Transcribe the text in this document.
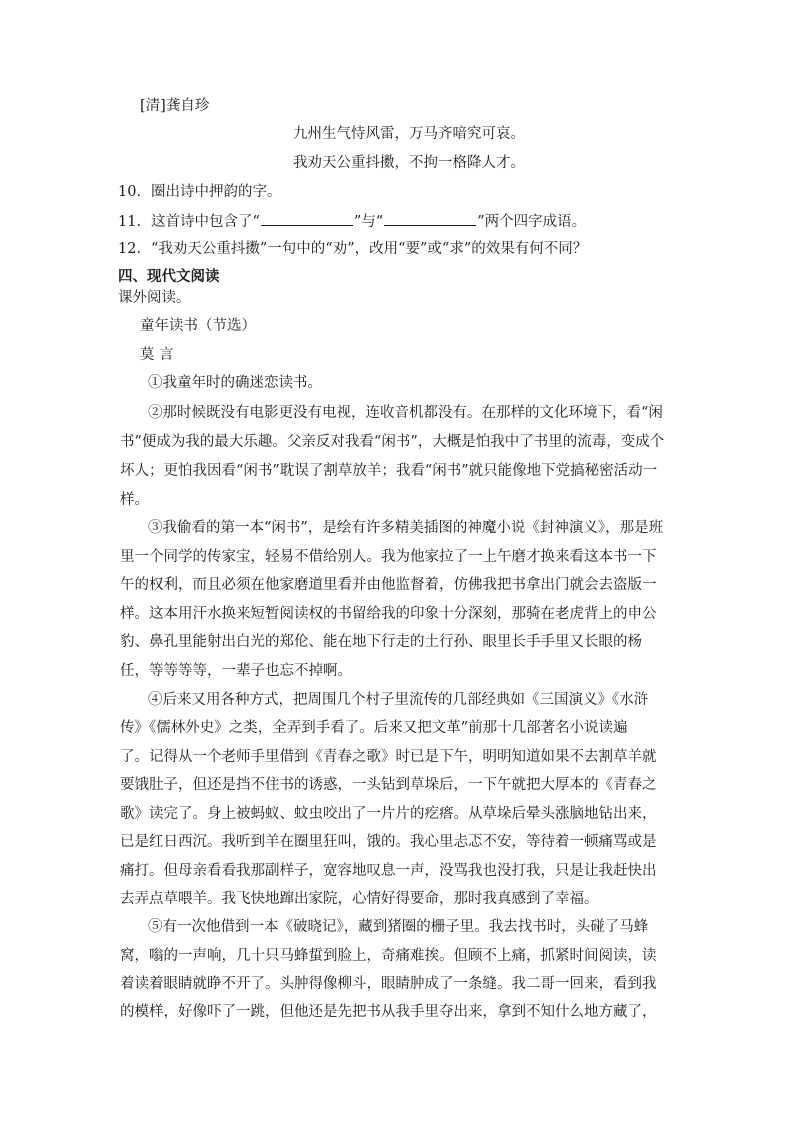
[清]龚自珍
九州生气恃风雷，万马齐喑究可哀。
我劝天公重抖擞，不拘一格降人才。
10．圈出诗中押韵的字。
11．这首诗中包含了“	”与“	”两个四字成语。
12．“我劝天公重抖擞”一句中的“劝”，改用“要”或“求”的效果有何不同？
四、现代文阅读
课外阅读。
童年读书（节选）
莫 言
①我童年时的确迷恋读书。
②那时候既没有电影更没有电视，连收音机都没有。在那样的文化环境下，看“闲
书”便成为我的最大乐趣。父亲反对我看“闲书”，大概是怕我中了书里的流毒，变成个
坏人；更怕我因看“闲书”耽误了割草放羊；我看“闲书”就只能像地下党搞秘密活动一
样。
③我偷看的第一本“闲书”，是绘有许多精美插图的神魔小说《封神演义》，那是班
里一个同学的传家宝，轻易不借给别人。我为他家拉了一上午磨才换来看这本书一下
午的权利，而且必须在他家磨道里看并由他监督着，仿佛我把书拿出门就会去盗版一
样。这本用汗水换来短暂阅读权的书留给我的印象十分深刻，那骑在老虎背上的申公
豹、鼻孔里能射出白光的郑伦、能在地下行走的土行孙、眼里长手手里又长眼的杨
任，等等等等，一辈子也忘不掉啊。
④后来又用各种方式，把周围几个村子里流传的几部经典如《三国演义》《水浒
传》《儒林外史》之类，全弄到手看了。后来又把文革”前那十几部著名小说读遍
了。记得从一个老师手里借到《青春之歌》时已是下午，明明知道如果不去割草羊就
要饿肚子，但还是挡不住书的诱惑，一头钻到草垛后，一下午就把大厚本的《青春之
歌》读完了。身上被蚂蚁、蚊虫咬出了一片片的疙瘩。从草垛后晕头涨脑地钻出来，
已是红日西沉。我听到羊在圈里狂叫，饿的。我心里忐忑不安，等待着一顿痛骂或是
痛打。但母亲看看我那副样子，宽容地叹息一声，没骂我也没打我，只是让我赶快出
去弄点草喂羊。我飞快地蹿出家院，心情好得要命，那时我真感到了幸福。
⑤有一次他借到一本《破晓记》，藏到猪圈的栅子里。我去找书时，头碰了马蜂
窝，嗡的一声响，几十只马蜂蜇到脸上，奇痛难挨。但顾不上痛，抓紧时间阅读，读
着读着眼睛就睁不开了。头肿得像柳斗，眼睛肿成了一条缝。我二哥一回来，看到我
的模样，好像吓了一跳，但他还是先把书从我手里夺出来，拿到不知什么地方藏了，
